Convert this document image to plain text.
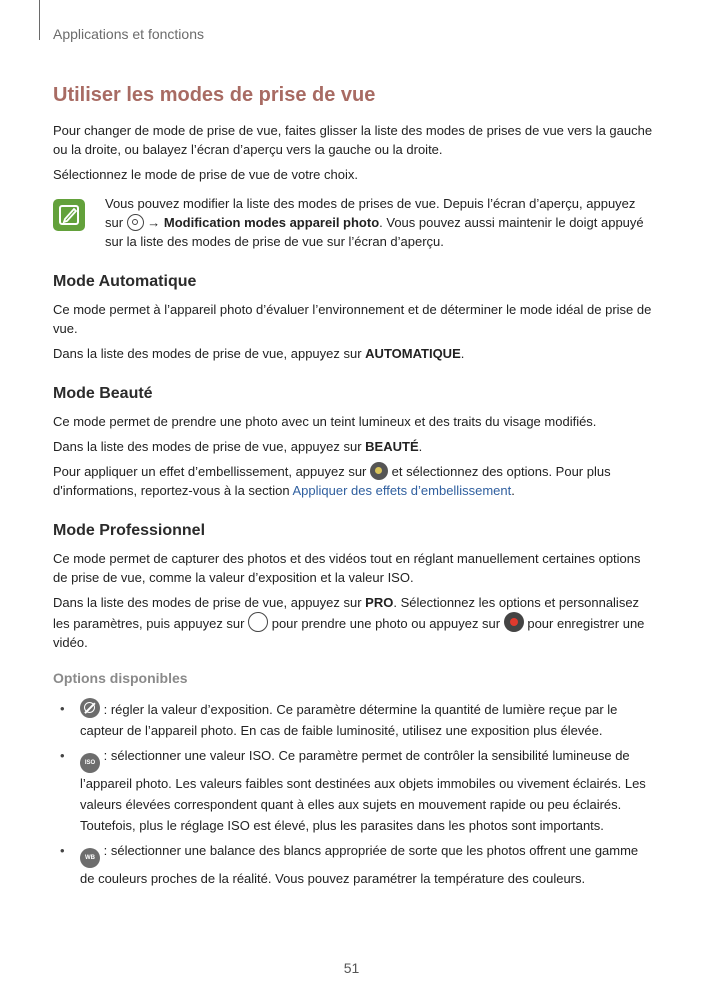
Applications et fonctions
Utiliser les modes de prise de vue

Pour changer de mode de prise de vue, faites glisser la liste des modes de prises de vue vers la gauche ou la droite, ou balayez l’écran d’aperçu vers la gauche ou la droite.

Sélectionnez le mode de prise de vue de votre choix.

Vous pouvez modifier la liste des modes de prises de vue. Depuis l’écran d’aperçu, appuyez sur  → Modification modes appareil photo. Vous pouvez aussi maintenir le doigt appuyé sur la liste des modes de prise de vue sur l’écran d’aperçu.

Mode Automatique

Ce mode permet à l’appareil photo d’évaluer l’environnement et de déterminer le mode idéal de prise de vue.

Dans la liste des modes de prise de vue, appuyez sur AUTOMATIQUE.

Mode Beauté

Ce mode permet de prendre une photo avec un teint lumineux et des traits du visage modifiés.

Dans la liste des modes de prise de vue, appuyez sur BEAUTÉ.

Pour appliquer un effet d’embellissement, appuyez sur  et sélectionnez des options. Pour plus d'informations, reportez-vous à la section Appliquer des effets d’embellissement.

Mode Professionnel

Ce mode permet de capturer des photos et des vidéos tout en réglant manuellement certaines options de prise de vue, comme la valeur d’exposition et la valeur ISO.

Dans la liste des modes de prise de vue, appuyez sur PRO. Sélectionnez les options et personnalisez les paramètres, puis appuyez sur  pour prendre une photo ou appuyez sur  pour enregistrer une vidéo.

Options disponibles
• : régler la valeur d’exposition. Ce paramètre détermine la quantité de lumière reçue par le capteur de l’appareil photo. En cas de faible luminosité, utilisez une exposition plus élevée.
• ISO : sélectionner une valeur ISO. Ce paramètre permet de contrôler la sensibilité lumineuse de l’appareil photo. Les valeurs faibles sont destinées aux objets immobiles ou vivement éclairés. Les valeurs élevées correspondent quant à elles aux sujets en mouvement rapide ou peu éclairés. Toutefois, plus le réglage ISO est élevé, plus les parasites dans les photos sont importants.
• WB : sélectionner une balance des blancs appropriée de sorte que les photos offrent une gamme de couleurs proches de la réalité. Vous pouvez paramétrer la température des couleurs.
51
